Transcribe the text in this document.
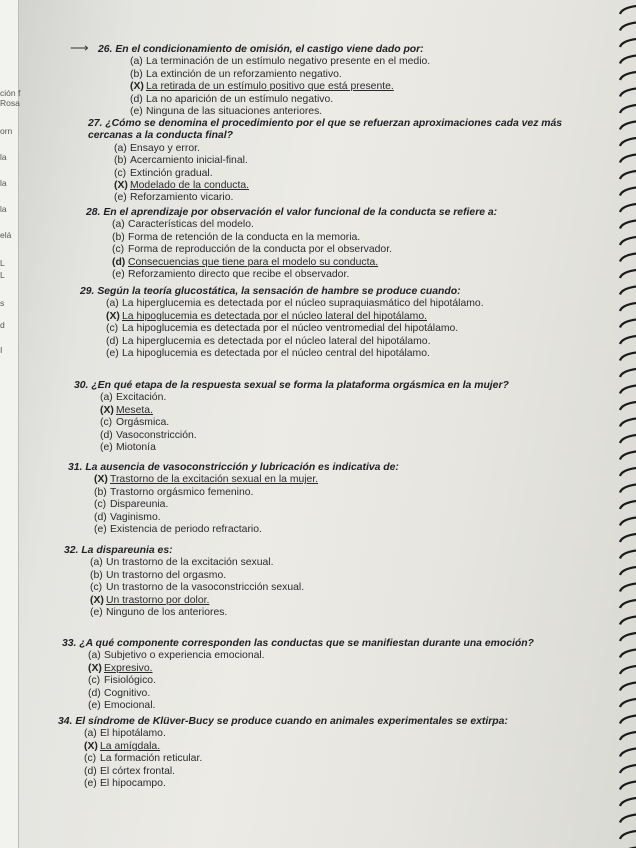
ción f
Rosa
orn
la
la
la
elá
L
L
s
d
I
⟶ 26. En el condicionamiento de omisión, el castigo viene dado por:
(a) La terminación de un estímulo negativo presente en el medio.
(b) La extinción de un reforzamiento negativo.
(X) La retirada de un estímulo positivo que está presente.
(d) La no aparición de un estímulo negativo.
(e) Ninguna de las situaciones anteriores.
27. ¿Cómo se denomina el procedimiento por el que se refuerzan aproximaciones cada vez más cercanas a la conducta final?
(a) Ensayo y error.
(b) Acercamiento inicial-final.
(c) Extinción gradual.
(X) Modelado de la conducta.
(e) Reforzamiento vicario.
28. En el aprendizaje por observación el valor funcional de la conducta se refiere a:
(a) Características del modelo.
(b) Forma de retención de la conducta en la memoria.
(c) Forma de reproducción de la conducta por el observador.
(d) Consecuencias que tiene para el modelo su conducta.
(e) Reforzamiento directo que recibe el observador.
29. Según la teoría glucostática, la sensación de hambre se produce cuando:
(a) La hiperglucemia es detectada por el núcleo supraquiasmático del hipotálamo.
(X) La hipoglucemia es detectada por el núcleo lateral del hipotálamo.
(c) La hipoglucemia es detectada por el núcleo ventromedial del hipotálamo.
(d) La hiperglucemia es detectada por el núcleo lateral del hipotálamo.
(e) La hipoglucemia es detectada por el núcleo central del hipotálamo.
30. ¿En qué etapa de la respuesta sexual se forma la plataforma orgásmica en la mujer?
(a) Excitación.
(X) Meseta.
(c) Orgásmica.
(d) Vasoconstricción.
(e) Miotonía
31. La ausencia de vasoconstricción y lubricación es indicativa de:
(X) Trastorno de la excitación sexual en la mujer.
(b) Trastorno orgásmico femenino.
(c) Dispareunia.
(d) Vaginismo.
(e) Existencia de periodo refractario.
32. La dispareunia es:
(a) Un trastorno de la excitación sexual.
(b) Un trastorno del orgasmo.
(c) Un trastorno de la vasoconstricción sexual.
(X) Un trastorno por dolor.
(e) Ninguno de los anteriores.
33. ¿A qué componente corresponden las conductas que se manifiestan durante una emoción?
(a) Subjetivo o experiencia emocional.
(X) Expresivo.
(c) Fisiológico.
(d) Cognitivo.
(e) Emocional.
34. El síndrome de Klüver-Bucy se produce cuando en animales experimentales se extirpa:
(a) El hipotálamo.
(X) La amígdala.
(c) La formación reticular.
(d) El córtex frontal.
(e) El hipocampo.
